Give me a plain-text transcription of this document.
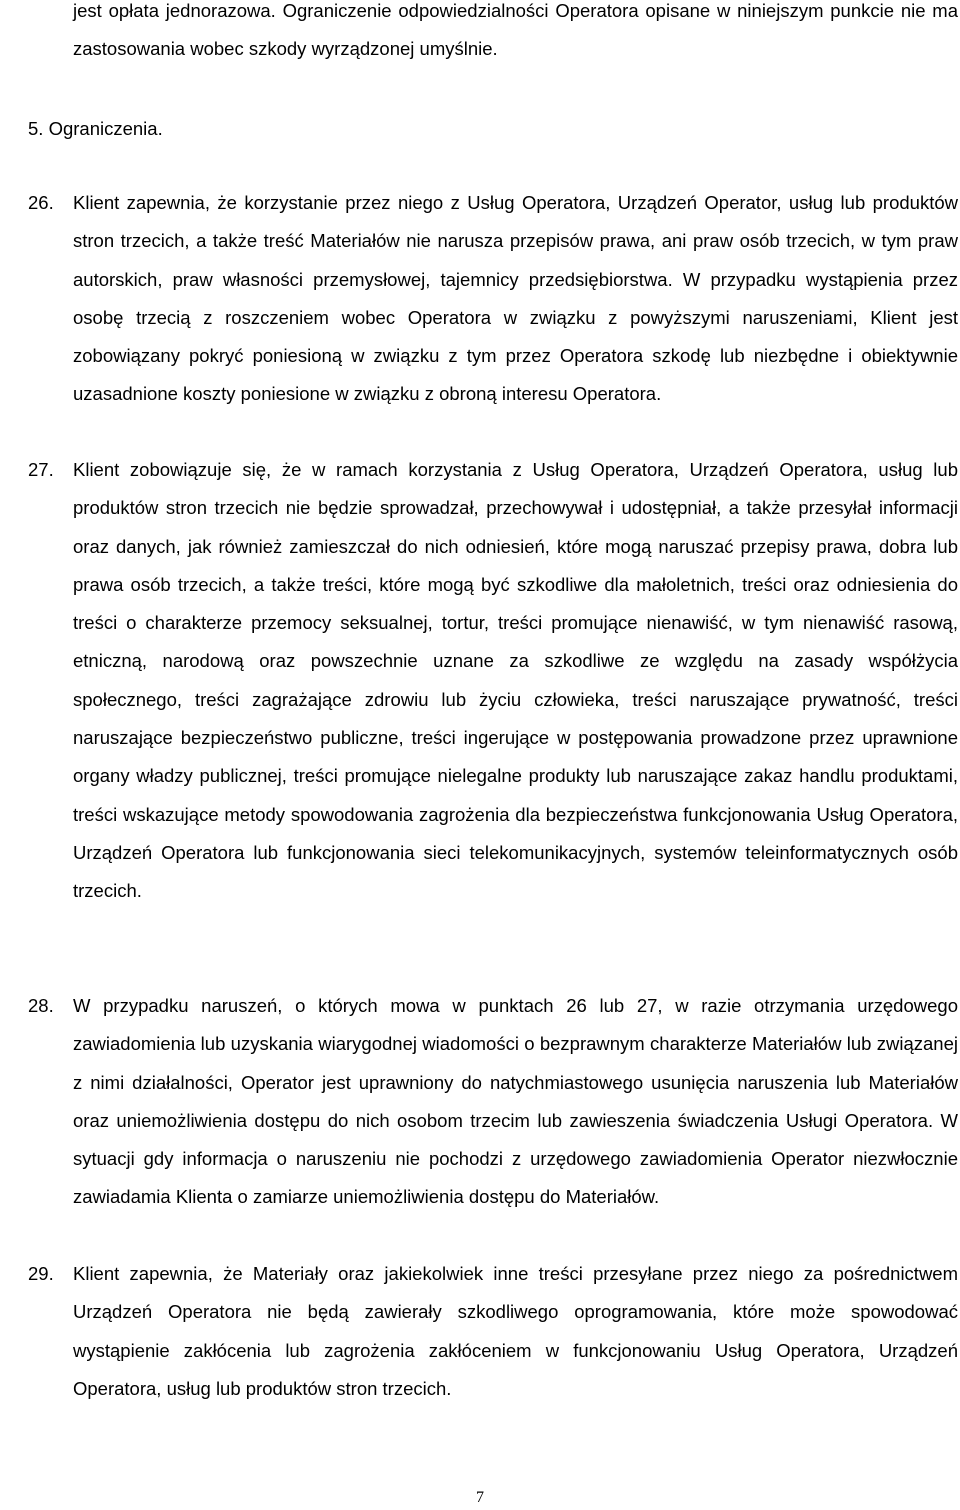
jest opłata jednorazowa. Ograniczenie odpowiedzialności Operatora opisane w niniejszym punkcie nie ma zastosowania wobec szkody wyrządzonej umyślnie.

5. Ograniczenia.

26. Klient zapewnia, że korzystanie przez niego z Usług Operatora, Urządzeń Operator, usług lub produktów stron trzecich, a także treść Materiałów nie narusza przepisów prawa, ani praw osób trzecich, w tym praw autorskich, praw własności przemysłowej, tajemnicy przedsiębiorstwa. W przypadku wystąpienia przez osobę trzecią z roszczeniem wobec Operatora w związku z powyższymi naruszeniami, Klient jest zobowiązany pokryć poniesioną w związku z tym przez Operatora szkodę lub niezbędne i obiektywnie uzasadnione koszty poniesione w związku z obroną interesu Operatora.

27. Klient zobowiązuje się, że w ramach korzystania z Usług Operatora, Urządzeń Operatora, usług lub produktów stron trzecich nie będzie sprowadzał, przechowywał i udostępniał, a także przesyłał informacji oraz danych, jak również zamieszczał do nich odniesień, które mogą naruszać przepisy prawa, dobra lub prawa osób trzecich, a także treści, które mogą być szkodliwe dla małoletnich, treści oraz odniesienia do treści o charakterze przemocy seksualnej, tortur, treści promujące nienawiść, w tym nienawiść rasową, etniczną, narodową oraz powszechnie uznane za szkodliwe ze względu na zasady współżycia społecznego, treści zagrażające zdrowiu lub życiu człowieka, treści naruszające prywatność, treści naruszające bezpieczeństwo publiczne, treści ingerujące w postępowania prowadzone przez uprawnione organy władzy publicznej, treści promujące nielegalne produkty lub naruszające zakaz handlu produktami, treści wskazujące metody spowodowania zagrożenia dla bezpieczeństwa funkcjonowania Usług Operatora, Urządzeń Operatora lub funkcjonowania sieci telekomunikacyjnych, systemów teleinformatycznych osób trzecich.

28. W przypadku naruszeń, o których mowa w punktach 26 lub 27, w razie otrzymania urzędowego zawiadomienia lub uzyskania wiarygodnej wiadomości o bezprawnym charakterze Materiałów lub związanej z nimi działalności, Operator jest uprawniony do natychmiastowego usunięcia naruszenia lub Materiałów oraz uniemożliwienia dostępu do nich osobom trzecim lub zawieszenia świadczenia Usługi Operatora. W sytuacji gdy informacja o naruszeniu nie pochodzi z urzędowego zawiadomienia Operator niezwłocznie zawiadamia Klienta o zamiarze uniemożliwienia dostępu do Materiałów.

29. Klient zapewnia, że Materiały oraz jakiekolwiek inne treści przesyłane przez niego za pośrednictwem Urządzeń Operatora nie będą zawierały szkodliwego oprogramowania, które może spowodować wystąpienie zakłócenia lub zagrożenia zakłóceniem w funkcjonowaniu Usług Operatora, Urządzeń Operatora, usług lub produktów stron trzecich.

7
